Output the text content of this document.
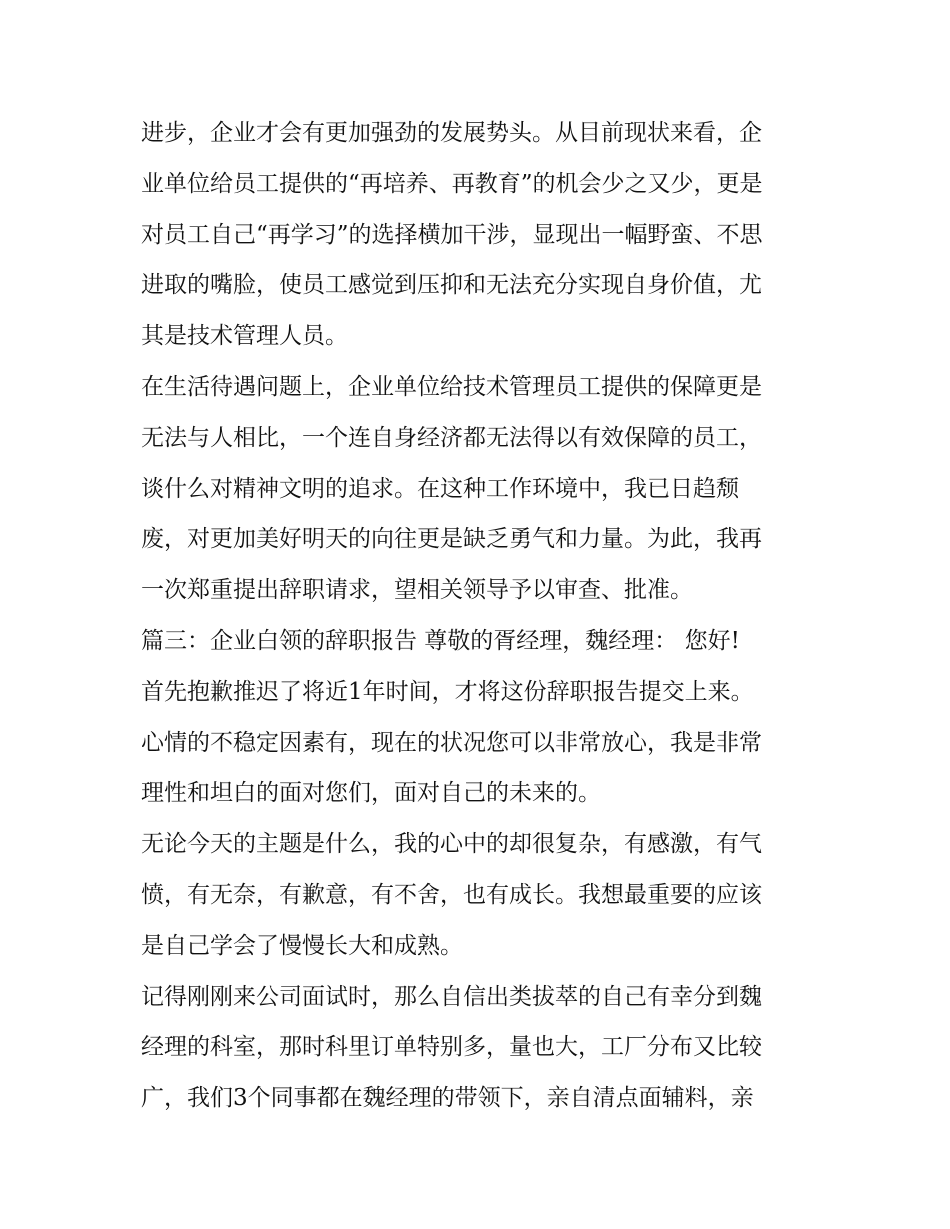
进步，企业才会有更加强劲的发展势头。从目前现状来看，企
业单位给员工提供的“再培养、再教育”的机会少之又少，更是
对员工自己“再学习”的选择横加干涉，显现出一幅野蛮、不思
进取的嘴脸，使员工感觉到压抑和无法充分实现自身价值，尤
其是技术管理人员。
在生活待遇问题上，企业单位给技术管理员工提供的保障更是
无法与人相比，一个连自身经济都无法得以有效保障的员工，
谈什么对精神文明的追求。在这种工作环境中，我已日趋颓
废，对更加美好明天的向往更是缺乏勇气和力量。为此，我再
一次郑重提出辞职请求，望相关领导予以审查、批准。
篇三：企业白领的辞职报告 尊敬的胥经理，魏经理： 您好!
首先抱歉推迟了将近1年时间，才将这份辞职报告提交上来。
心情的不稳定因素有，现在的状况您可以非常放心，我是非常
理性和坦白的面对您们，面对自己的未来的。
无论今天的主题是什么，我的心中的却很复杂，有感激，有气
愤，有无奈，有歉意，有不舍，也有成长。我想最重要的应该
是自己学会了慢慢长大和成熟。
记得刚刚来公司面试时，那么自信出类拔萃的自己有幸分到魏
经理的科室，那时科里订单特别多，量也大，工厂分布又比较
广，我们3个同事都在魏经理的带领下，亲自清点面辅料，亲
